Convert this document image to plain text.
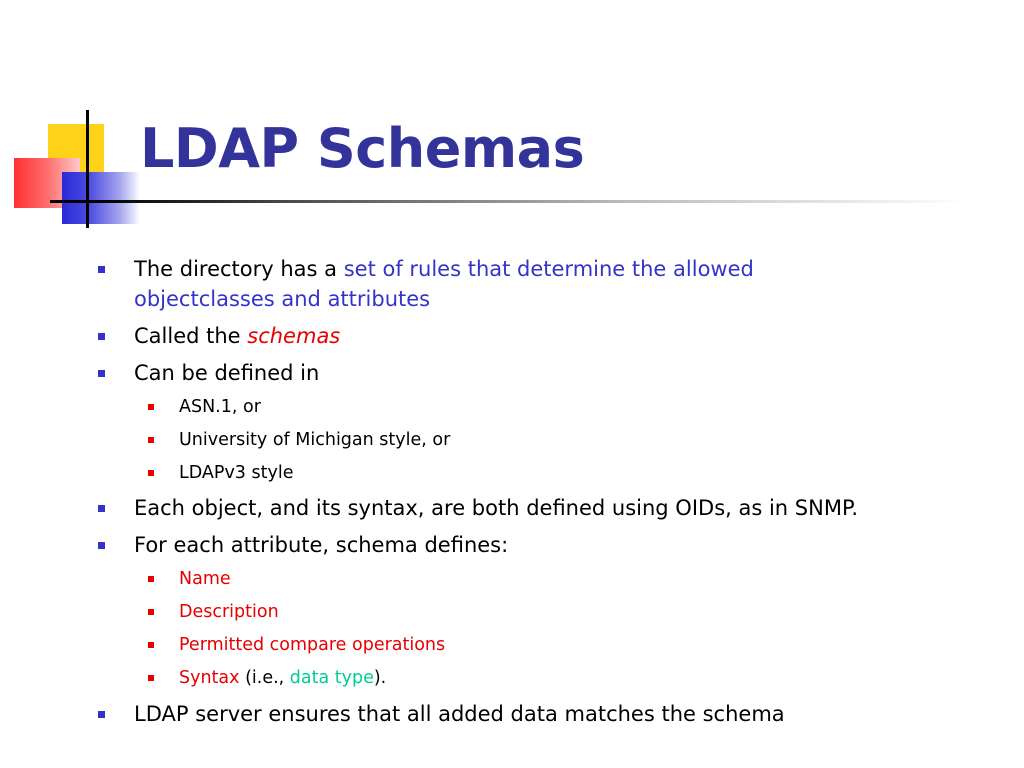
LDAP Schemas
The directory has a set of rules that determine the allowed
objectclasses and attributes
Called the schemas
Can be defined in
ASN.1, or
University of Michigan style, or
LDAPv3 style
Each object, and its syntax, are both defined using OIDs, as in SNMP.
For each attribute, schema defines:
Name
Description
Permitted compare operations
Syntax (i.e., data type).
LDAP server ensures that all added data matches the schema
